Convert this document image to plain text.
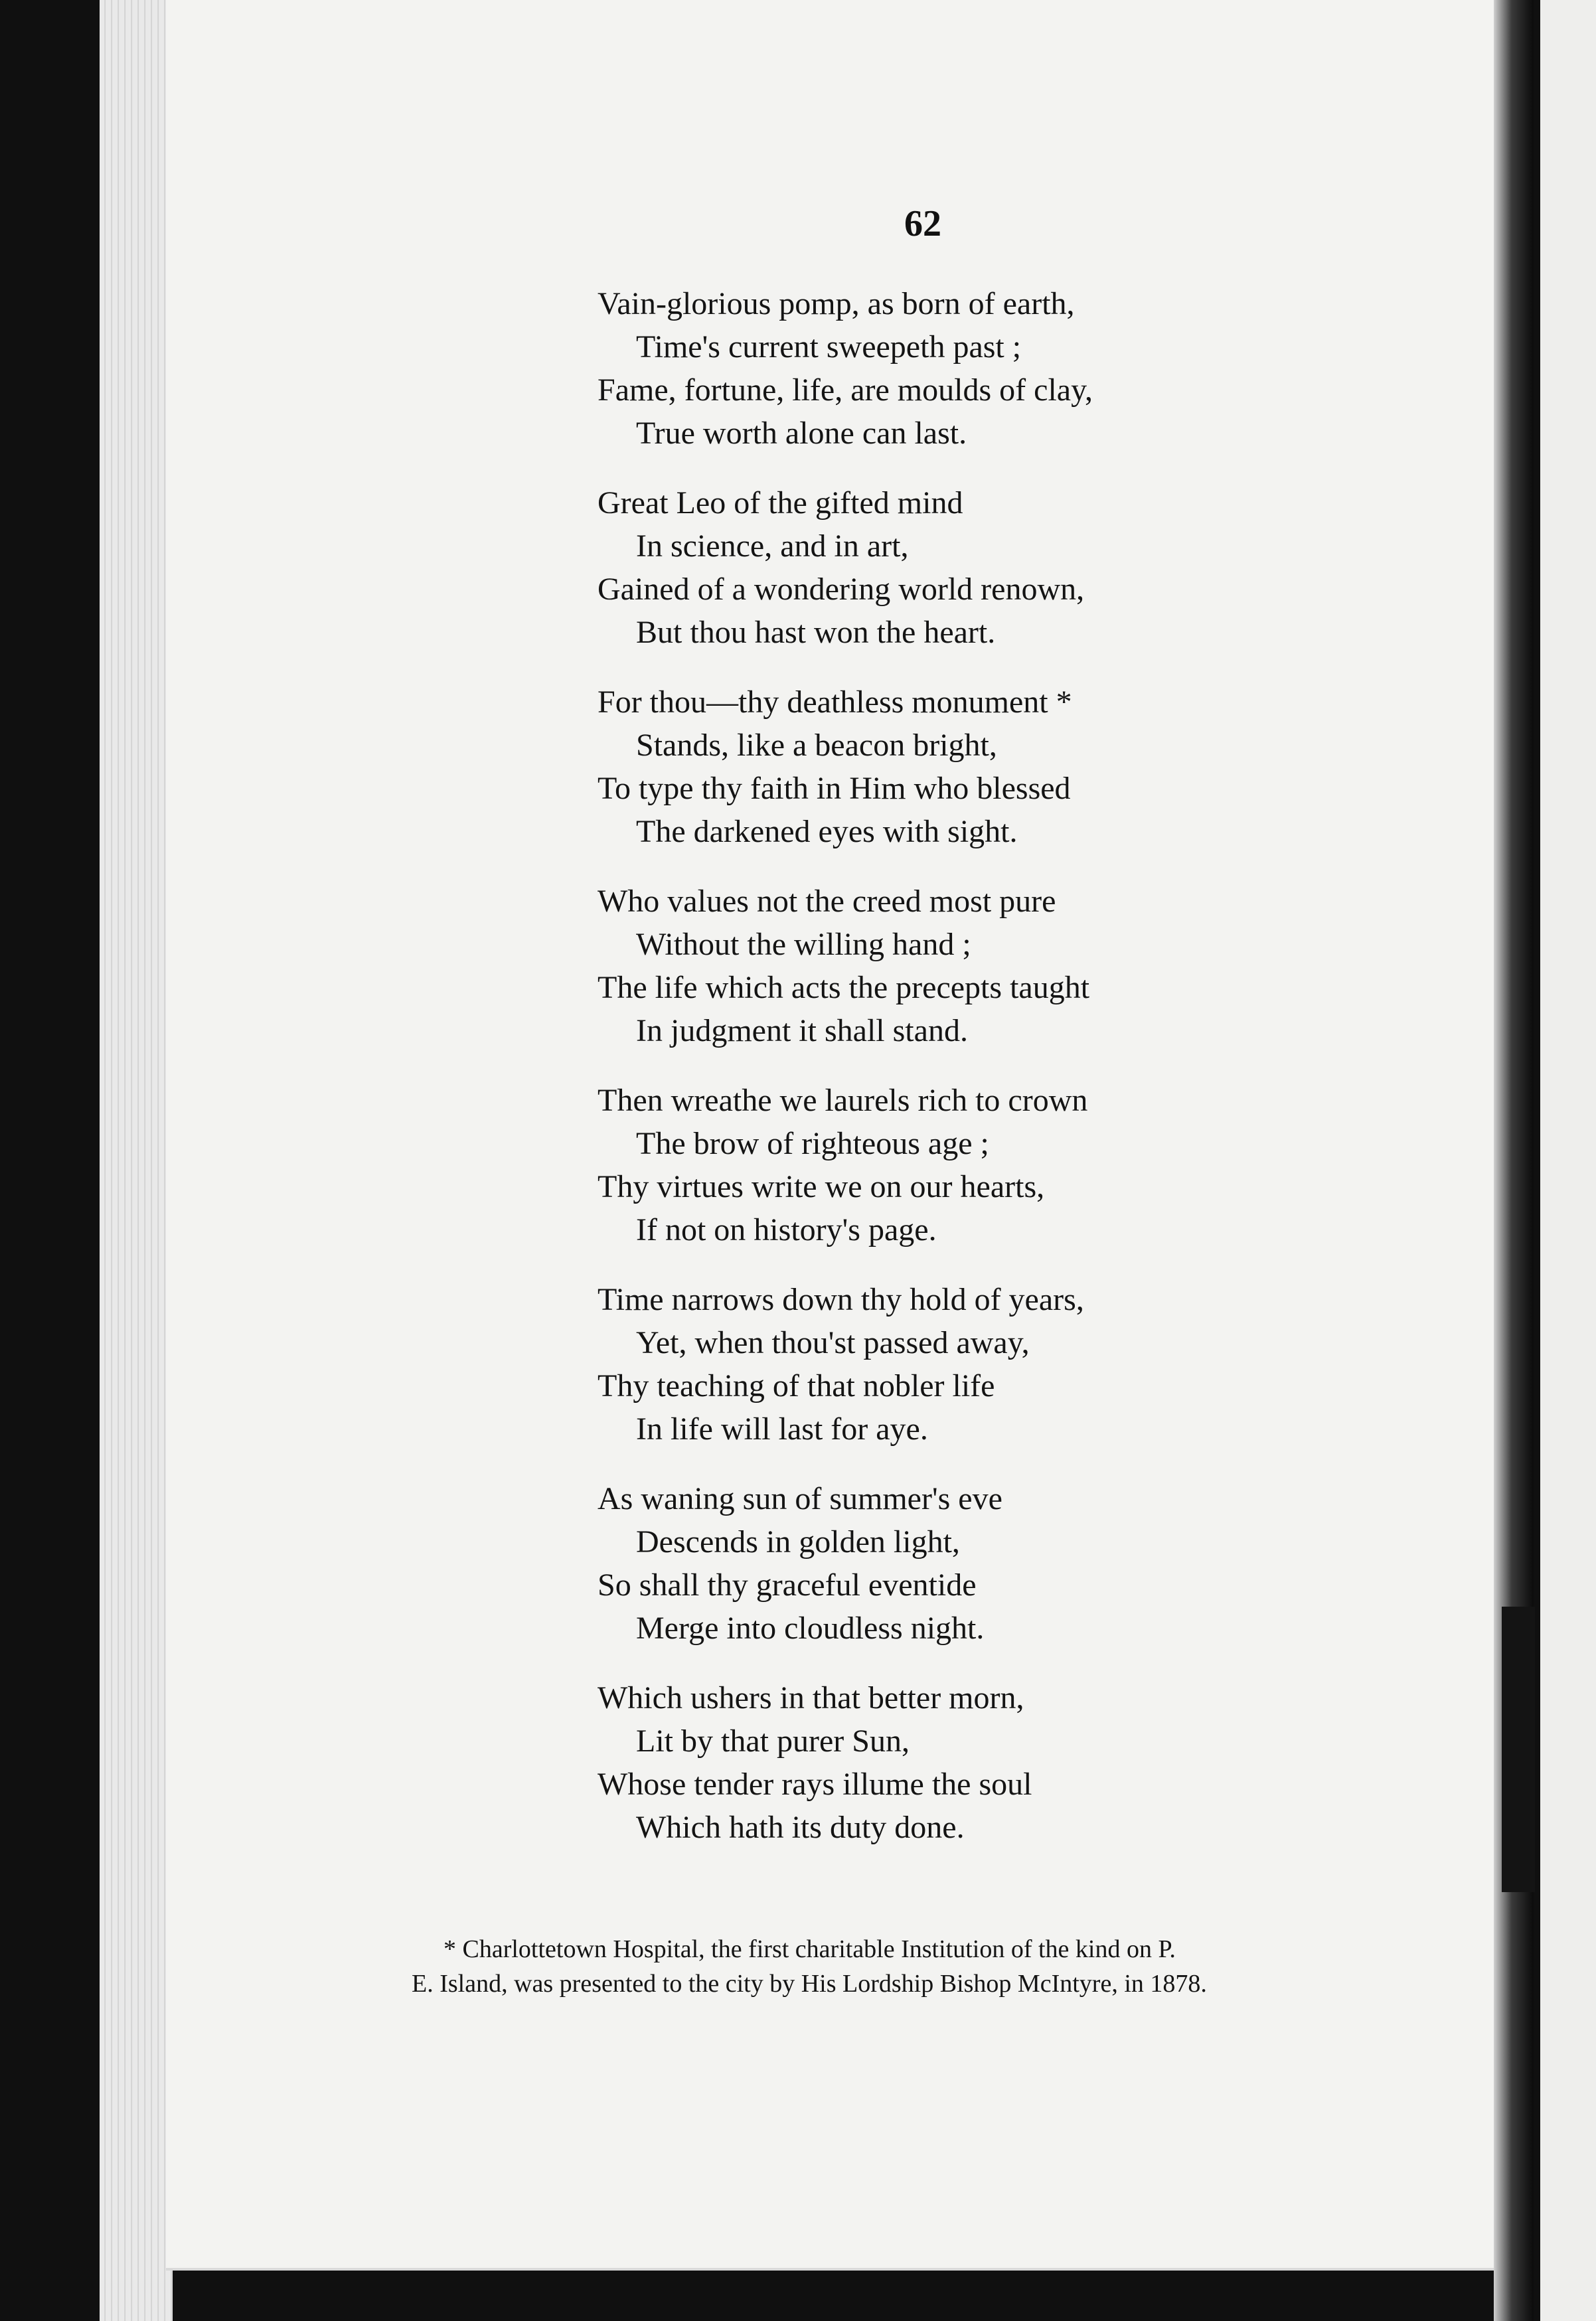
62
Vain-glorious pomp, as born of earth,
Time's current sweepeth past ;
Fame, fortune, life, are moulds of clay,
True worth alone can last.
Great Leo of the gifted mind
In science, and in art,
Gained of a wondering world renown,
But thou hast won the heart.
For thou—thy deathless monument *
Stands, like a beacon bright,
To type thy faith in Him who blessed
The darkened eyes with sight.
Who values not the creed most pure
Without the willing hand ;
The life which acts the precepts taught
In judgment it shall stand.
Then wreathe we laurels rich to crown
The brow of righteous age ;
Thy virtues write we on our hearts,
If not on history's page.
Time narrows down thy hold of years,
Yet, when thou'st passed away,
Thy teaching of that nobler life
In life will last for aye.
As waning sun of summer's eve
Descends in golden light,
So shall thy graceful eventide
Merge into cloudless night.
Which ushers in that better morn,
Lit by that purer Sun,
Whose tender rays illume the soul
Which hath its duty done.
* Charlottetown Hospital, the first charitable Institution of the kind on P.
E. Island, was presented to the city by His Lordship Bishop McIntyre, in 1878.
